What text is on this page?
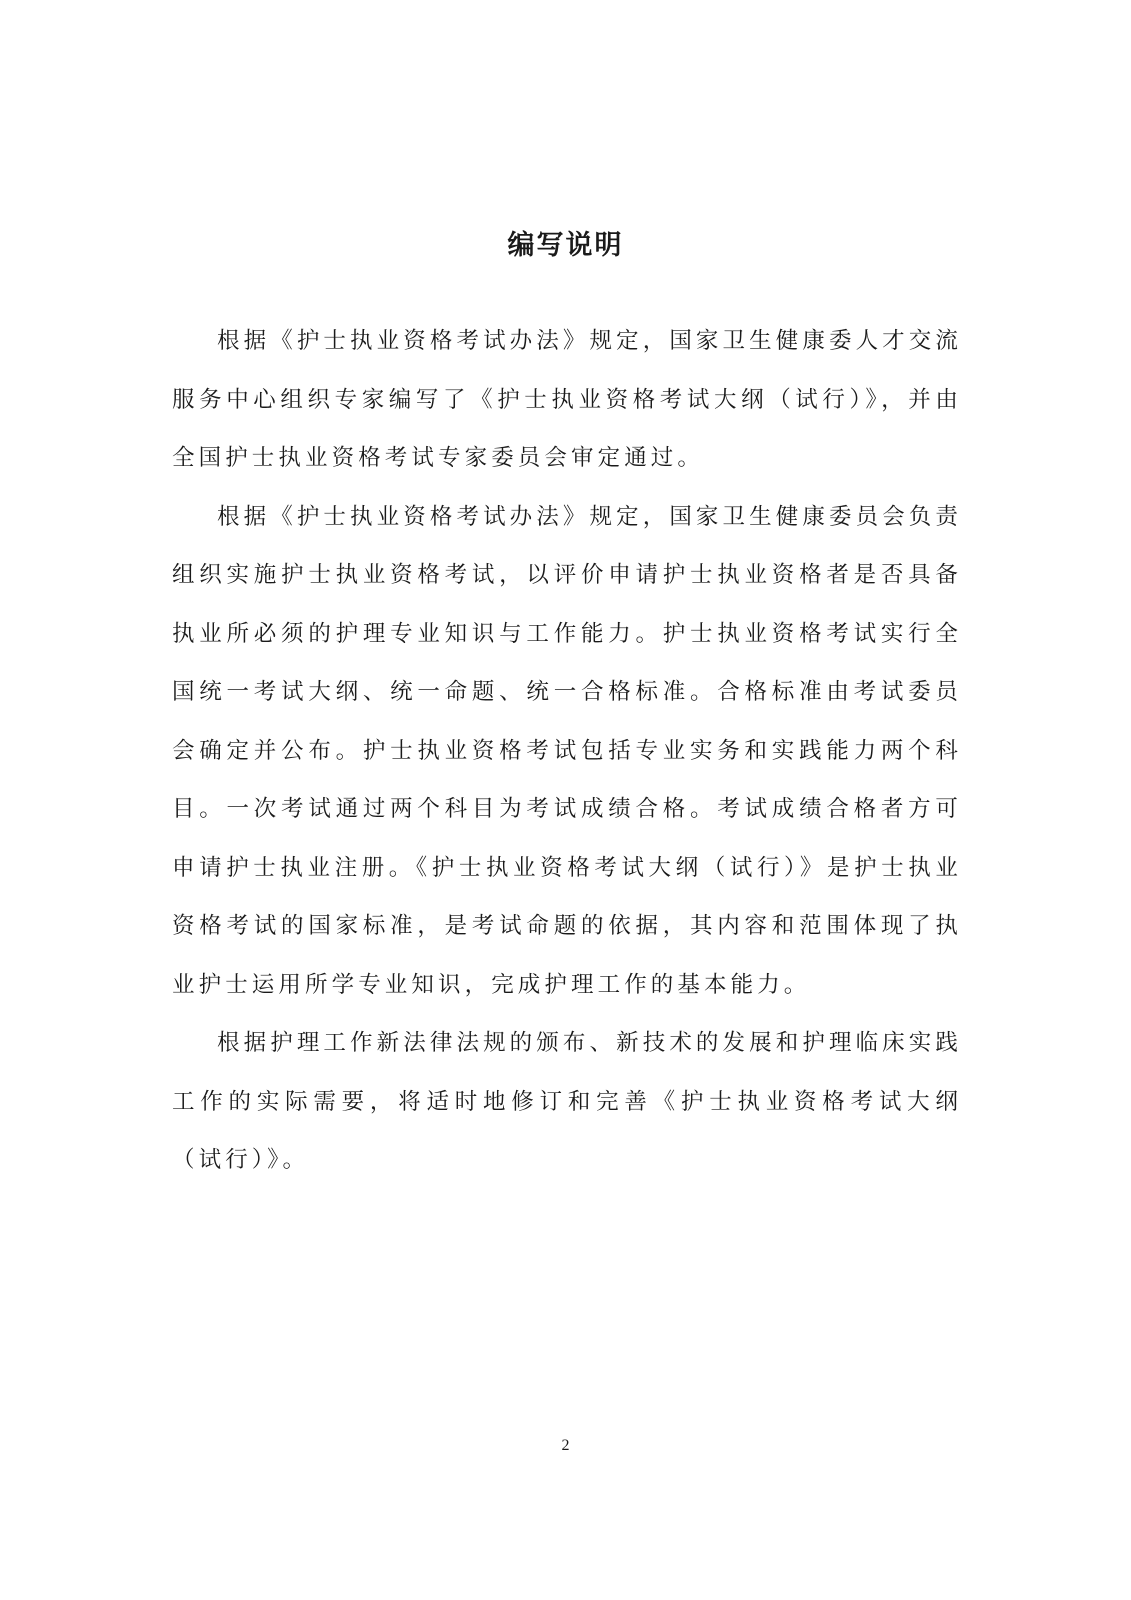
编写说明

根据《护士执业资格考试办法》规定，国家卫生健康委人才交流服务中心组织专家编写了《护士执业资格考试大纲（试行）》，并由全国护士执业资格考试专家委员会审定通过。

根据《护士执业资格考试办法》规定，国家卫生健康委员会负责组织实施护士执业资格考试，以评价申请护士执业资格者是否具备执业所必须的护理专业知识与工作能力。护士执业资格考试实行全国统一考试大纲、统一命题、统一合格标准。合格标准由考试委员会确定并公布。护士执业资格考试包括专业实务和实践能力两个科目。一次考试通过两个科目为考试成绩合格。考试成绩合格者方可申请护士执业注册。《护士执业资格考试大纲（试行）》是护士执业资格考试的国家标准，是考试命题的依据，其内容和范围体现了执业护士运用所学专业知识，完成护理工作的基本能力。

根据护理工作新法律法规的颁布、新技术的发展和护理临床实践工作的实际需要，将适时地修订和完善《护士执业资格考试大纲（试行）》。

2
